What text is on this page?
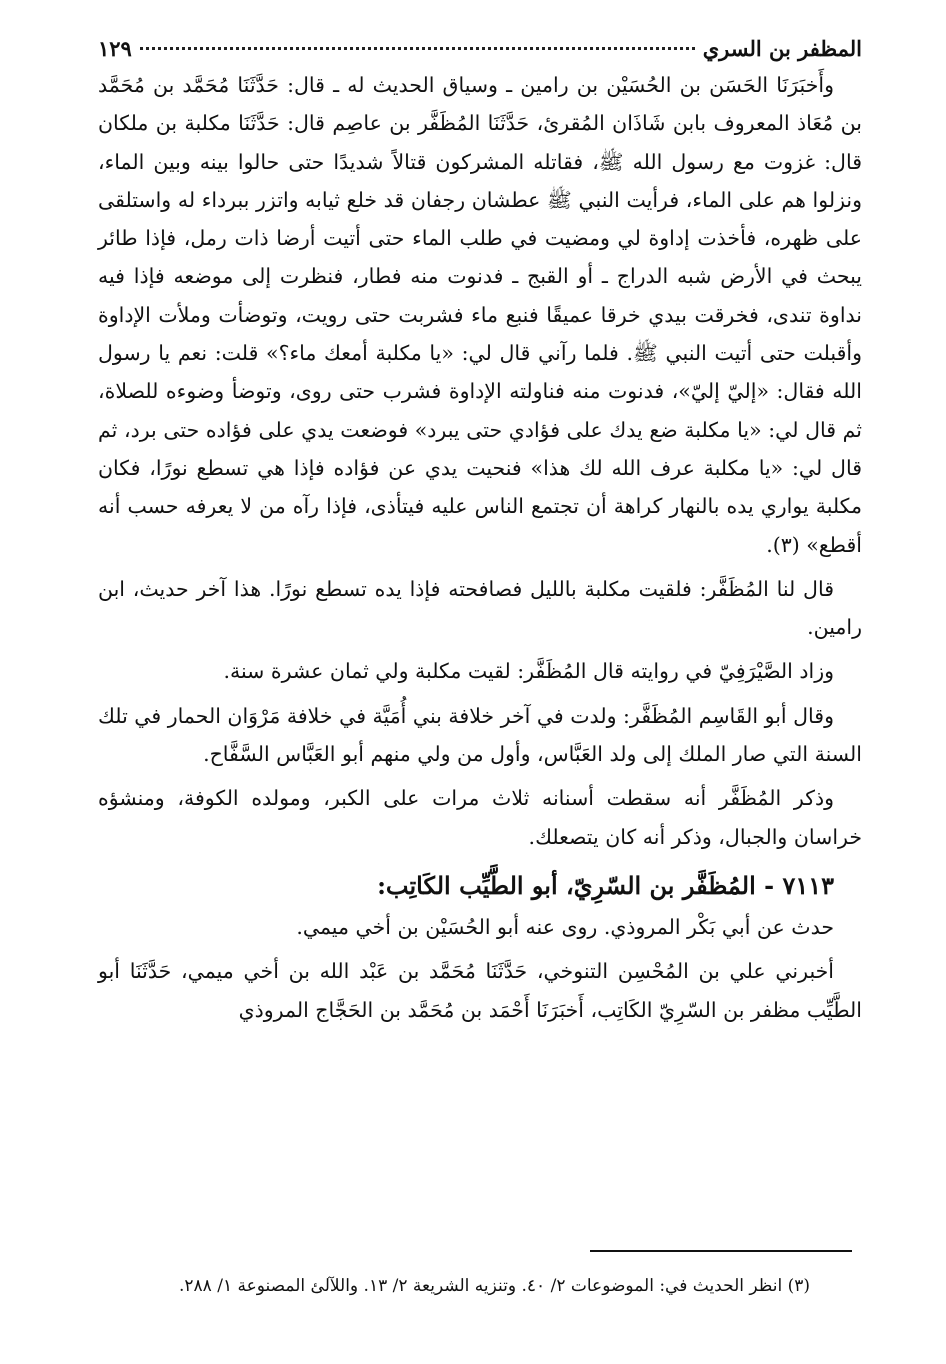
المظفر بن السري
١٢٩

وأَخبَرَنَا الحَسَن بن الحُسَيْن بن رامين ـ وسياق الحديث له ـ قال: حَدَّثَنَا مُحَمَّد بن مُحَمَّد بن مُعَاذ المعروف بابن شَاذَان المُقرئ، حَدَّثَنَا المُظَفَّر بن عاصِم قال: حَدَّثَنَا مكلبة بن ملكان قال: غزوت مع رسول الله ﷺ، فقاتله المشركون قتالاً شديدًا حتى حالوا بينه وبين الماء، ونزلوا هم على الماء، فرأيت النبي ﷺ عطشان رجفان قد خلع ثيابه واتزر ببرداء له واستلقى على ظهره، فأخذت إداوة لي ومضيت في طلب الماء حتى أتيت أرضا ذات رمل، فإذا طائر يبحث في الأرض شبه الدراج ـ أو القبج ـ فدنوت منه فطار، فنظرت إلى موضعه فإذا فيه نداوة تندى، فخرقت بيدي خرقا عميقًا فنبع ماء فشربت حتى رويت، وتوضأت وملأت الإداوة وأقبلت حتى أتيت النبي ﷺ. فلما رآني قال لي: «يا مكلبة أمعك ماء؟» قلت: نعم يا رسول الله فقال: «إليّ إليّ»، فدنوت منه فناولته الإداوة فشرب حتى روى، وتوضأ وضوءه للصلاة، ثم قال لي: «يا مكلبة ضع يدك على فؤادي حتى يبرد» فوضعت يدي على فؤاده حتى برد، ثم قال لي: «يا مكلبة عرف الله لك هذا» فنحيت يدي عن فؤاده فإذا هي تسطع نورًا، فكان مكلبة يواري يده بالنهار كراهة أن تجتمع الناس عليه فيتأذى، فإذا رآه من لا يعرفه حسب أنه أقطع» (٣).

قال لنا المُظَفَّر: فلقيت مكلبة بالليل فصافحته فإذا يده تسطع نورًا. هذا آخر حديث، ابن رامين.

وزاد الصَّيْرَفِيّ في روايته قال المُظَفَّر: لقيت مكلبة ولي ثمان عشرة سنة.

وقال أبو القَاسِم المُظَفَّر: ولدت في آخر خلافة بني أُمَيَّة في خلافة مَرْوَان الحمار في تلك السنة التي صار الملك إلى ولد العَبَّاس، وأول من ولي منهم أبو العَبَّاس السَّفَّاح.

وذكر المُظَفَّر أنه سقطت أسنانه ثلاث مرات على الكبر، ومولده الكوفة، ومنشؤه خراسان والجبال، وذكر أنه كان يتصعلك.

٧١١٣ - المُظَفَّر بن السّرِيّ، أبو الطَّيِّب الكَاتِب:

حدث عن أبي بَكْر المروذي. روى عنه أبو الحُسَيْن بن أخي ميمي.

أخبرني علي بن المُحْسِن التنوخي، حَدَّثَنَا مُحَمَّد بن عَبْد الله بن أخي ميمي، حَدَّثَنَا أبو الطَّيِّب مظفر بن السّرِيّ الكَاتِب، أَخبَرَنَا أَحْمَد بن مُحَمَّد بن الحَجَّاج المروذي

(٣) انظر الحديث في: الموضوعات ٢/ ٤٠. وتنزيه الشريعة ٢/ ١٣. واللآلئ المصنوعة ١/ ٢٨٨.
